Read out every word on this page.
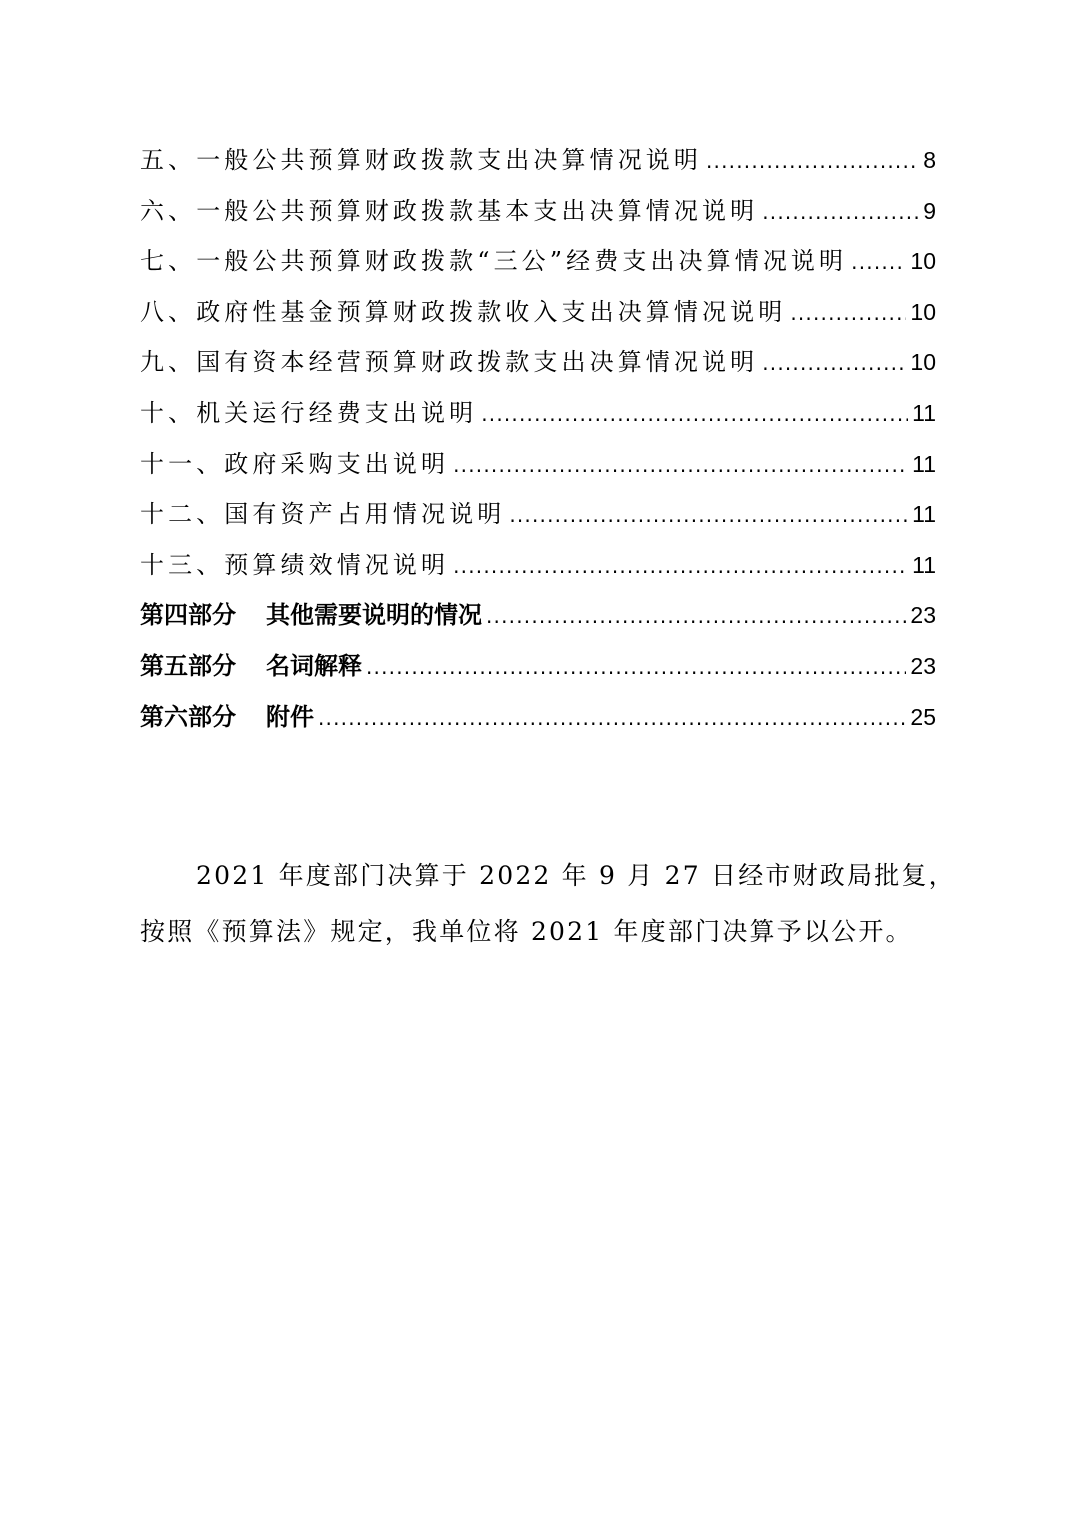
五、一般公共预算财政拨款支出决算情况说明 .....	8
六、一般公共预算财政拨款基本支出决算情况说明 .....	9
七、一般公共预算财政拨款“三公”经费支出决算情况说明 .....	10
八、政府性基金预算财政拨款收入支出决算情况说明 .....	10
九、国有资本经营预算财政拨款支出决算情况说明 .....	10
十、机关运行经费支出说明 .....	11
十一、政府采购支出说明 .....	11
十二、国有资产占用情况说明 .....	11
十三、预算绩效情况说明 .....	11
第四部分 其他需要说明的情况 .....	23
第五部分 名词解释 .....	23
第六部分 附件 .....	25
2021 年度部门决算于 2022 年 9 月 27 日经市财政局批复，
按照《预算法》规定，我单位将 2021 年度部门决算予以公开。
